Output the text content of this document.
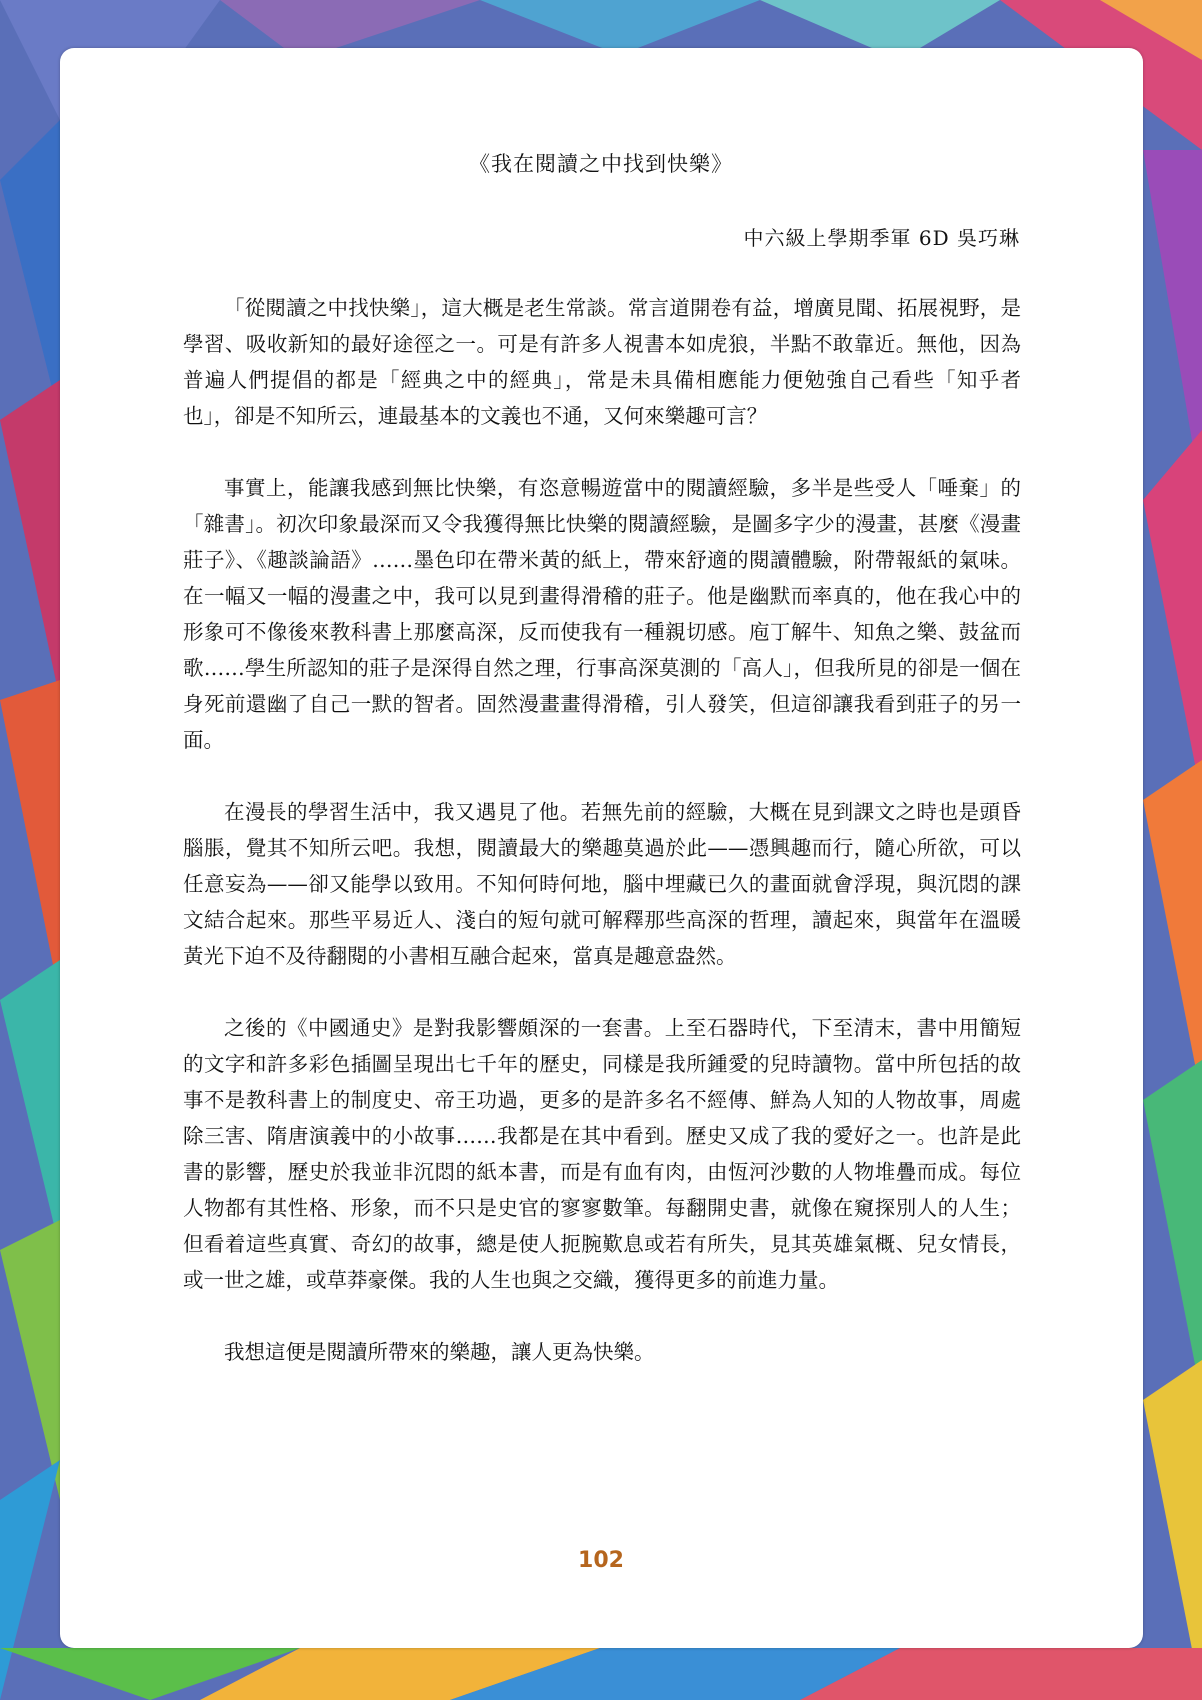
《我在閱讀之中找到快樂》
中六級上學期季軍 6D 吳巧琳

「從閱讀之中找快樂」，這大概是老生常談。常言道開卷有益，增廣見聞、拓展視野，是學習、吸收新知的最好途徑之一。可是有許多人視書本如虎狼，半點不敢靠近。無他，因為普遍人們提倡的都是「經典之中的經典」，常是未具備相應能力便勉強自己看些「知乎者也」，卻是不知所云，連最基本的文義也不通，又何來樂趣可言？

事實上，能讓我感到無比快樂，有恣意暢遊當中的閱讀經驗，多半是些受人「唾棄」的「雜書」。初次印象最深而又令我獲得無比快樂的閱讀經驗，是圖多字少的漫畫，甚麼《漫畫莊子》、《趣談論語》……墨色印在帶米黃的紙上，帶來舒適的閱讀體驗，附帶報紙的氣味。在一幅又一幅的漫畫之中，我可以見到畫得滑稽的莊子。他是幽默而率真的，他在我心中的形象可不像後來教科書上那麼高深，反而使我有一種親切感。庖丁解牛、知魚之樂、鼓盆而歌……學生所認知的莊子是深得自然之理，行事高深莫測的「高人」，但我所見的卻是一個在身死前還幽了自己一默的智者。固然漫畫畫得滑稽，引人發笑，但這卻讓我看到莊子的另一面。

在漫長的學習生活中，我又遇見了他。若無先前的經驗，大概在見到課文之時也是頭昏腦脹，覺其不知所云吧。我想，閱讀最大的樂趣莫過於此——憑興趣而行，隨心所欲，可以任意妄為——卻又能學以致用。不知何時何地，腦中埋藏已久的畫面就會浮現，與沉悶的課文結合起來。那些平易近人、淺白的短句就可解釋那些高深的哲理，讀起來，與當年在溫暖黃光下迫不及待翻閱的小書相互融合起來，當真是趣意盎然。

之後的《中國通史》是對我影響頗深的一套書。上至石器時代，下至清末，書中用簡短的文字和許多彩色插圖呈現出七千年的歷史，同樣是我所鍾愛的兒時讀物。當中所包括的故事不是教科書上的制度史、帝王功過，更多的是許多名不經傳、鮮為人知的人物故事，周處除三害、隋唐演義中的小故事……我都是在其中看到。歷史又成了我的愛好之一。也許是此書的影響，歷史於我並非沉悶的紙本書，而是有血有肉，由恆河沙數的人物堆疊而成。每位人物都有其性格、形象，而不只是史官的寥寥數筆。每翻開史書，就像在窺探別人的人生；但看着這些真實、奇幻的故事，總是使人扼腕歎息或若有所失，見其英雄氣概、兒女情長，或一世之雄，或草莽豪傑。我的人生也與之交織，獲得更多的前進力量。

我想這便是閱讀所帶來的樂趣，讓人更為快樂。

102
